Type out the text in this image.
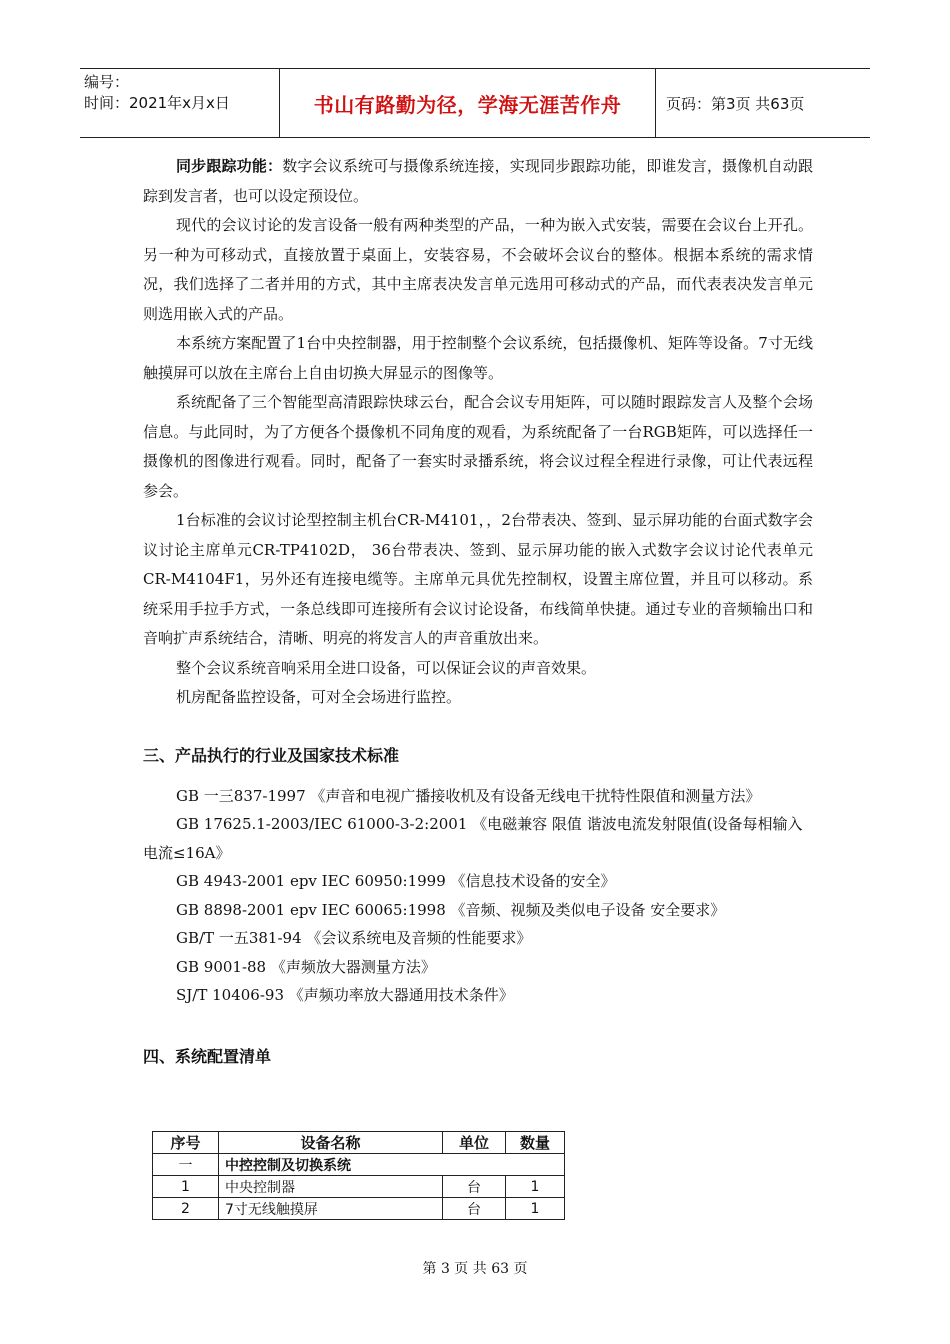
编号：
时间：2021年x月x日	书山有路勤为径，学海无涯苦作舟	页码：第3页 共63页

同步跟踪功能：数字会议系统可与摄像系统连接，实现同步跟踪功能，即谁发言，摄像机自动跟踪到发言者，也可以设定预设位。

现代的会议讨论的发言设备一般有两种类型的产品，一种为嵌入式安装，需要在会议台上开孔。另一种为可移动式，直接放置于桌面上，安装容易，不会破坏会议台的整体。根据本系统的需求情况，我们选择了二者并用的方式，其中主席表决发言单元选用可移动式的产品，而代表表决发言单元则选用嵌入式的产品。

本系统方案配置了1台中央控制器，用于控制整个会议系统，包括摄像机、矩阵等设备。7寸无线触摸屏可以放在主席台上自由切换大屏显示的图像等。

系统配备了三个智能型高清跟踪快球云台，配合会议专用矩阵，可以随时跟踪发言人及整个会场信息。与此同时，为了方便各个摄像机不同角度的观看，为系统配备了一台RGB矩阵，可以选择任一摄像机的图像进行观看。同时，配备了一套实时录播系统，将会议过程全程进行录像，可让代表远程参会。

1台标准的会议讨论型控制主机台CR-M4101，，2台带表决、签到、显示屏功能的台面式数字会议讨论主席单元CR-TP4102D， 36台带表决、签到、显示屏功能的嵌入式数字会议讨论代表单元CR-M4104F1，另外还有连接电缆等。主席单元具优先控制权，设置主席位置，并且可以移动。系统采用手拉手方式，一条总线即可连接所有会议讨论设备，布线简单快捷。通过专业的音频输出口和音响扩声系统结合，清晰、明亮的将发言人的声音重放出来。

整个会议系统音响采用全进口设备，可以保证会议的声音效果。

机房配备监控设备，可对全会场进行监控。

三、产品执行的行业及国家技术标准

GB 一三837-1997 《声音和电视广播接收机及有设备无线电干扰特性限值和测量方法》

GB 17625.1-2003/IEC 61000-3-2:2001 《电磁兼容 限值 谐波电流发射限值(设备每相输入电流≤16A》

GB 4943-2001 epv IEC 60950:1999 《信息技术设备的安全》

GB 8898-2001 epv IEC 60065:1998 《音频、视频及类似电子设备 安全要求》

GB/T 一五381-94 《会议系统电及音频的性能要求》

GB 9001-88 《声频放大器测量方法》

SJ/T 10406-93 《声频功率放大器通用技术条件》

四、系统配置清单
序号	设备名称	单位	数量
一	中控控制及切换系统		
1	中央控制器	台	1
2	7寸无线触摸屏	台	1
第 3 页 共 63 页
